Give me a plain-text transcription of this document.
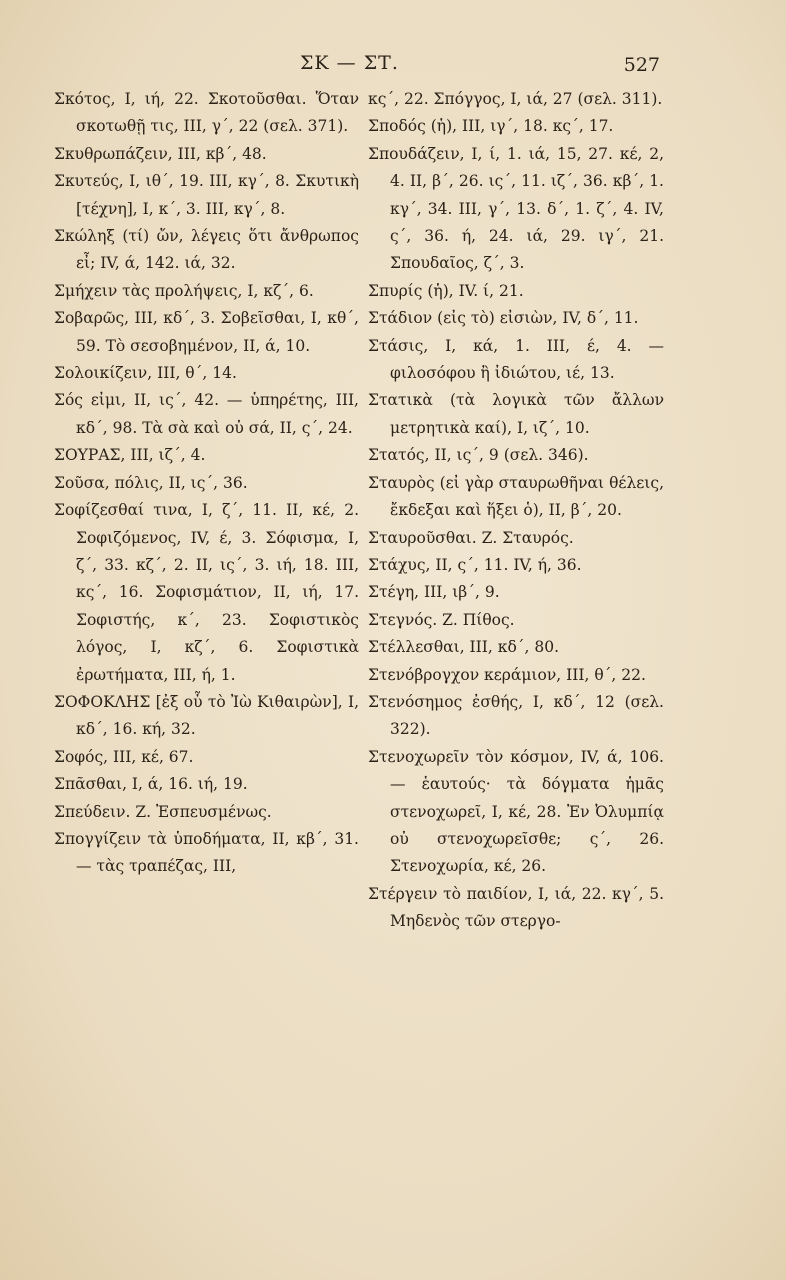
ΣΚ — ΣΤ.	527
Σκότος, I, ιή, 22. Σκοτοῦσθαι. Ὅταν σκοτωθῇ τις, III, γ΄, 22 (σελ. 371).
Σκυθρωπάζειν, III, κβ΄, 48.
Σκυτεύς, I, ιθ΄, 19. III, κγ΄, 8. Σκυτικὴ [τέχνη], I, κ΄, 3. III, κγ΄, 8.
Σκώληξ (τί) ὤν, λέγεις ὅτι ἄνθρωπος εἶ; IV, ά, 142. ιά, 32.
Σμήχειν τὰς προλήψεις, I, κζ΄, 6.
Σοβαρῶς, III, κδ΄, 3. Σοβεῖσθαι, I, κθ΄, 59. Τὸ σεσοβημένον, II, ά, 10.
Σολοικίζειν, III, θ΄, 14.
Σός εἰμι, II, ις΄, 42. — ὑπηρέτης, III, κδ΄, 98. Τὰ σὰ καὶ οὐ σά, II, ς΄, 24.
ΣΟΥΡΑΣ, III, ιζ΄, 4.
Σοῦσα, πόλις, II, ις΄, 36.
Σοφίζεσθαί τινα, I, ζ΄, 11. II, κέ, 2. Σοφιζόμενος, IV, έ, 3. Σόφισμα, I, ζ΄, 33. κζ΄, 2. II, ις΄, 3. ιή, 18. III, κς΄, 16. Σοφισμάτιον, II, ιή, 17. Σοφιστής, κ΄, 23. Σοφιστικὸς λόγος, I, κζ΄, 6. Σοφιστικὰ ἐρωτήματα, III, ή, 1.
ΣΟΦΟΚΛΗΣ [ἐξ οὗ τὸ Ἰὼ Κιθαιρὼν], I, κδ΄, 16. κή, 32.
Σοφός, III, κέ, 67.
Σπᾶσθαι, I, ά, 16. ιή, 19.
Σπεύδειν. Ζ. Ἐσπευσμένως.
Σπογγίζειν τὰ ὑποδήματα, II, κβ΄, 31. — τὰς τραπέζας, III,
κς΄, 22. Σπόγγος, I, ιά, 27 (σελ. 311).
Σποδός (ἡ), III, ιγ΄, 18. κς΄, 17.
Σπουδάζειν, I, ί, 1. ιά, 15, 27. κέ, 2, 4. II, β΄, 26. ις΄, 11. ιζ΄, 36. κβ΄, 1. κγ΄, 34. III, γ΄, 13. δ΄, 1. ζ΄, 4. IV, ς΄, 36. ή, 24. ιά, 29. ιγ΄, 21. Σπουδαῖος, ζ΄, 3.
Σπυρίς (ἡ), IV. ί, 21.
Στάδιον (εἰς τὸ) εἰσιὼν, IV, δ΄, 11.
Στάσις, I, κά, 1. III, έ, 4. — φιλοσόφου ἢ ἰδιώτου, ιέ, 13.
Στατικὰ (τὰ λογικὰ τῶν ἄλλων μετρητικὰ καί), I, ιζ΄, 10.
Στατός, II, ις΄, 9 (σελ. 346).
Σταυρὸς (εἰ γὰρ σταυρωθῆναι θέλεις, ἔκδεξαι καὶ ἥξει ὁ), II, β΄, 20.
Σταυροῦσθαι. Ζ. Σταυρός.
Στάχυς, II, ς΄, 11. IV, ή, 36.
Στέγη, III, ιβ΄, 9.
Στεγνός. Ζ. Πίθος.
Στέλλεσθαι, III, κδ΄, 80.
Στενόβρογχον κεράμιον, III, θ΄, 22.
Στενόσημος ἐσθής, I, κδ΄, 12 (σελ. 322).
Στενοχωρεῖν τὸν κόσμον, IV, ά, 106. — ἑαυτούς· τὰ δόγματα ἡμᾶς στενοχωρεῖ, I, κέ, 28. Ἐν Ὀλυμπίᾳ οὐ στενοχωρεῖσθε; ς΄, 26. Στενοχωρία, κέ, 26.
Στέργειν τὸ παιδίον, I, ιά, 22. κγ΄, 5. Μηδενὸς τῶν στεργο-
